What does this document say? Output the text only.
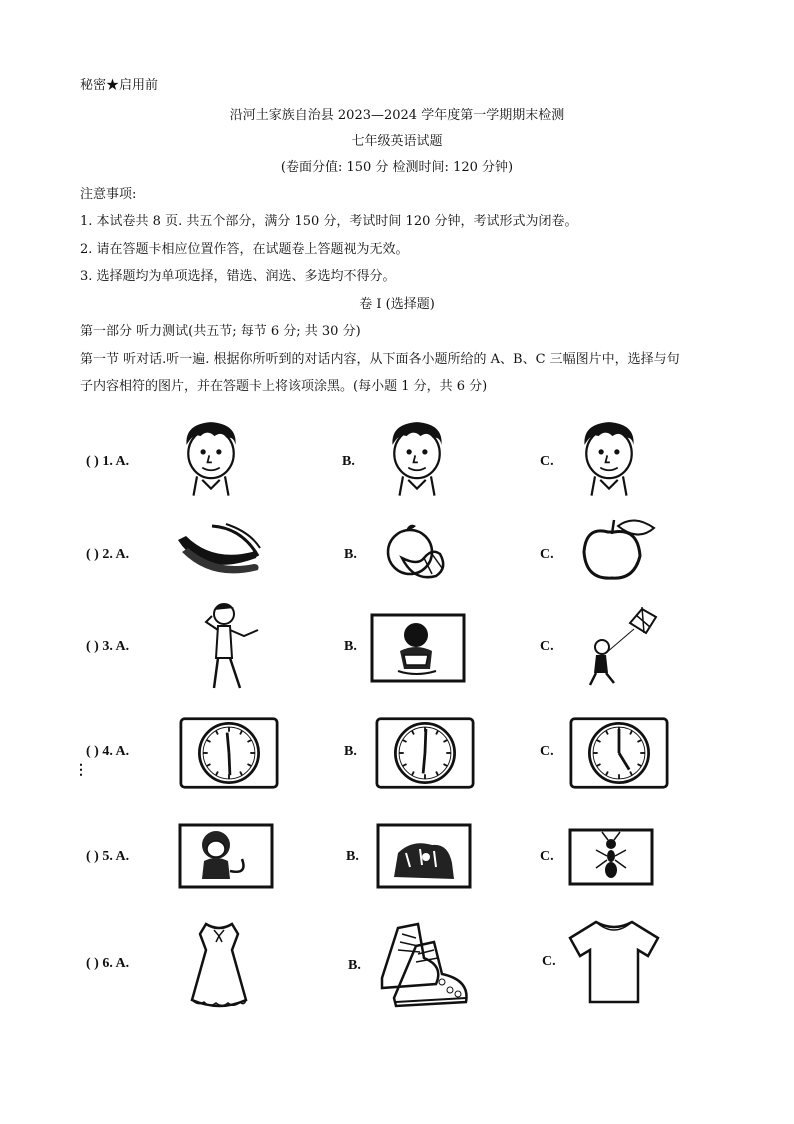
秘密★启用前
沿河土家族自治县 2023—2024 学年度第一学期期末检测
七年级英语试题
(卷面分值: 150 分 检测时间: 120 分钟)
注意事项:
1. 本试卷共 8 页. 共五个部分，满分 150 分，考试时间 120 分钟，考试形式为闭卷。
2. 请在答题卡相应位置作答，在试题卷上答题视为无效。
3. 选择题均为单项选择，错选、润选、多选均不得分。
卷 I (选择题)
第一部分 听力测试(共五节; 每节 6 分; 共 30 分)
第一节 听对话.听一遍. 根据你所听到的对话内容，从下面各小题所给的 A、B、C 三幅图片中，选择与句
子内容相符的图片，并在答题卡上将该项涂黑。(每小题 1 分，共 6 分)
⋮
( ) 1. A.	B.	C.
( ) 2. A.	B.	C.
( ) 3. A.	B.	C.
( ) 4. A.	B.	C.
( ) 5. A.	B.	C.
( ) 6. A.	B.	C.
